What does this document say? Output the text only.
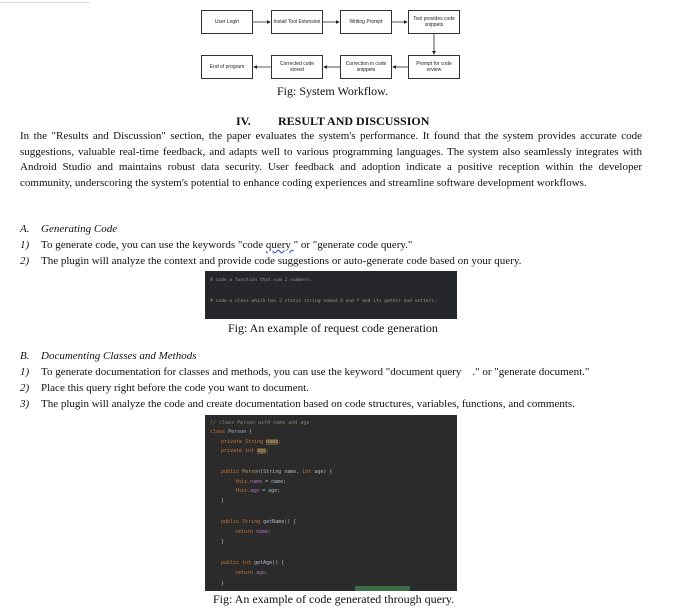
User Login	Install Tool Extension	Writing Prompt	Tool provides code snippets
Prompt for code review
Correction in code snippets
Corrected code stored
End of program
Fig: System Workflow.
IV. RESULT AND DISCUSSION
In the "Results and Discussion" section, the paper evaluates the system's performance. It found that the system provides accurate code suggestions, valuable real-time feedback, and adapts well to various programming languages. The system also seamlessly integrates with Android Studio and maintains robust data security. User feedback and adoption indicate a positive reception within the developer community, underscoring the system's potential to enhance coding experiences and streamline software development workflows.
A. Generating Code
1) To generate code, you can use the keywords "code query " or "generate code query."
2) The plugin will analyze the context and provide code suggestions or auto-generate code based on your query.
# code a function that sum 2 numbers.
# code a class which has 2 static string named X and Y and its getter and setters.
Fig: An example of request code generation
B. Documenting Classes and Methods
1) To generate documentation for classes and methods, you can use the keyword "document query    ." or "generate document."
2) Place this query right before the code you want to document.
3) The plugin will analyze the code and create documentation based on code structures, variables, functions, and comments.
// class Person with name and age
class Person {
private String name;
private int age;
public Person(String name, int age) {
this.name = name;
this.age = age;
}
public String getName() {
return name;
}
public int getAge() {
return age;
}
Fig: An example of code generated through query.
